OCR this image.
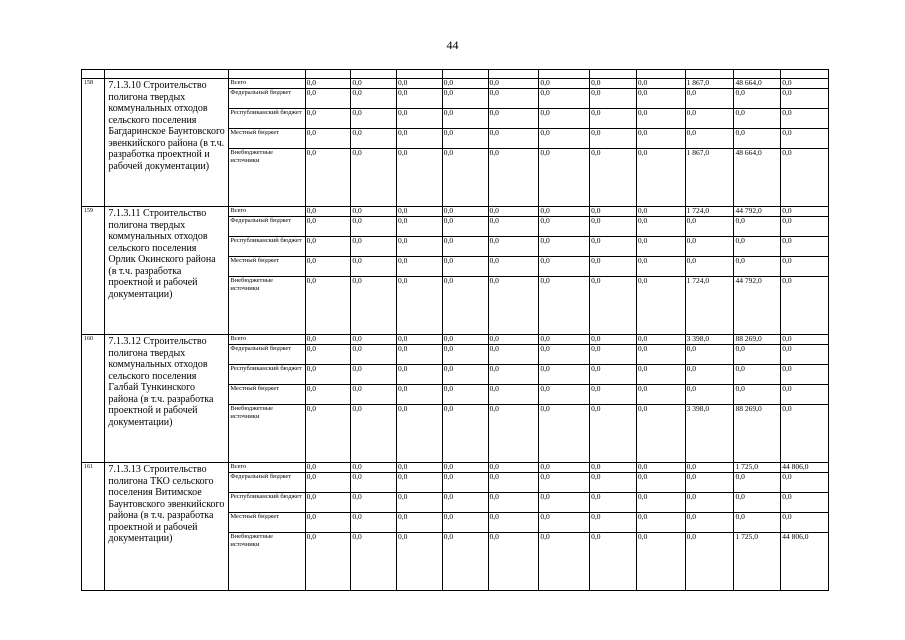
44

158	7.1.3.10 Строительство полигона твердых коммунальных отходов сельского поселения Багдаринское Баунтовского эвенкийского района (в т.ч. разработка проектной и рабочей документации)	Всего	0,0	0,0	0,0	0,0	0,0	0,0	0,0	0,0	1 867,0	48 664,0	0,0
		Федеральный бюджет	0,0	0,0	0,0	0,0	0,0	0,0	0,0	0,0	0,0	0,0	0,0
		Республиканский бюджет	0,0	0,0	0,0	0,0	0,0	0,0	0,0	0,0	0,0	0,0	0,0
		Местный бюджет	0,0	0,0	0,0	0,0	0,0	0,0	0,0	0,0	0,0	0,0	0,0
		Внебюджетные источники	0,0	0,0	0,0	0,0	0,0	0,0	0,0	0,0	1 867,0	48 664,0	0,0
159	7.1.3.11 Строительство полигона твердых коммунальных отходов сельского поселения Орлик Окинского района (в т.ч. разработка проектной и рабочей документации)	Всего	0,0	0,0	0,0	0,0	0,0	0,0	0,0	0,0	1 724,0	44 792,0	0,0
		Федеральный бюджет	0,0	0,0	0,0	0,0	0,0	0,0	0,0	0,0	0,0	0,0	0,0
		Республиканский бюджет	0,0	0,0	0,0	0,0	0,0	0,0	0,0	0,0	0,0	0,0	0,0
		Местный бюджет	0,0	0,0	0,0	0,0	0,0	0,0	0,0	0,0	0,0	0,0	0,0
		Внебюджетные источники	0,0	0,0	0,0	0,0	0,0	0,0	0,0	0,0	1 724,0	44 792,0	0,0
160	7.1.3.12 Строительство полигона твердых коммунальных отходов сельского поселения Галбай Тункинского района (в т.ч. разработка проектной и рабочей документации)	Всего	0,0	0,0	0,0	0,0	0,0	0,0	0,0	0,0	3 398,0	88 269,0	0,0
		Федеральный бюджет	0,0	0,0	0,0	0,0	0,0	0,0	0,0	0,0	0,0	0,0	0,0
		Республиканский бюджет	0,0	0,0	0,0	0,0	0,0	0,0	0,0	0,0	0,0	0,0	0,0
		Местный бюджет	0,0	0,0	0,0	0,0	0,0	0,0	0,0	0,0	0,0	0,0	0,0
		Внебюджетные источники	0,0	0,0	0,0	0,0	0,0	0,0	0,0	0,0	3 398,0	88 269,0	0,0
161	7.1.3.13 Строительство полигона ТКО сельского поселения Витимское Баунтовского эвенкийского района (в т.ч. разработка проектной и рабочей документации)	Всего	0,0	0,0	0,0	0,0	0,0	0,0	0,0	0,0	0,0	1 725,0	44 806,0
		Федеральный бюджет	0,0	0,0	0,0	0,0	0,0	0,0	0,0	0,0	0,0	0,0	0,0
		Республиканский бюджет	0,0	0,0	0,0	0,0	0,0	0,0	0,0	0,0	0,0	0,0	0,0
		Местный бюджет	0,0	0,0	0,0	0,0	0,0	0,0	0,0	0,0	0,0	0,0	0,0
		Внебюджетные источники	0,0	0,0	0,0	0,0	0,0	0,0	0,0	0,0	0,0	1 725,0	44 806,0
